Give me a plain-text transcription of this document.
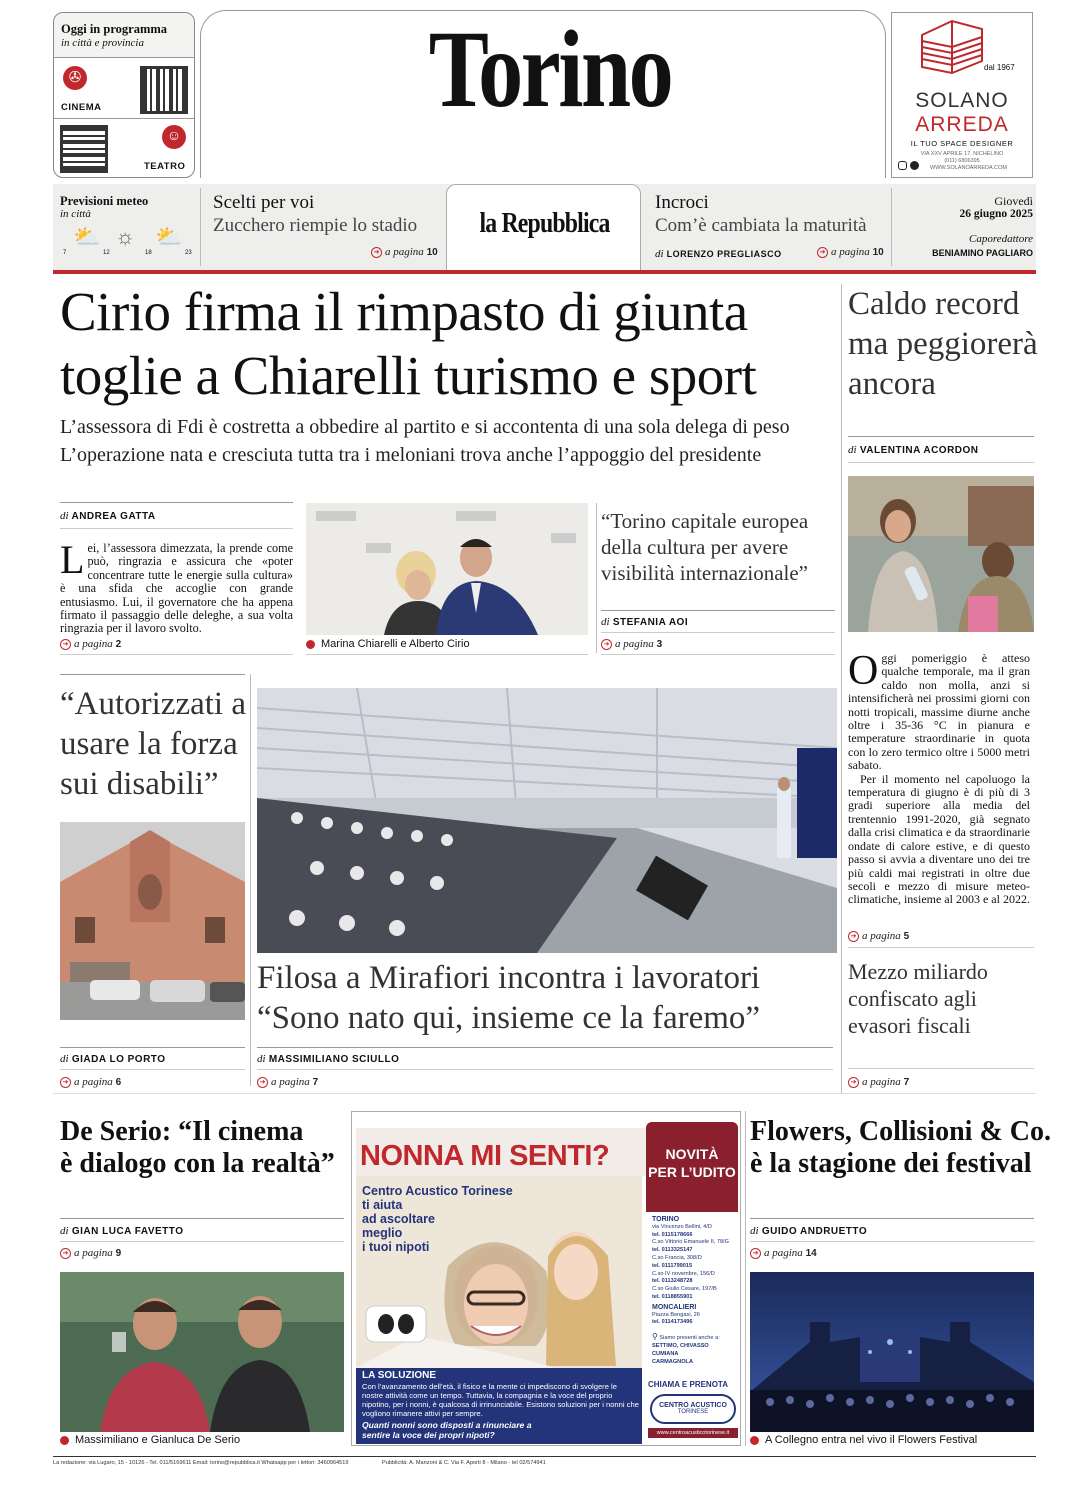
Oggi in programma
in città e provincia
✇
CINEMA
☺
TEATRO
Torino	dal 1967
SOLANO
ARREDA
IL TUO SPACE DESIGNER
VIA XXV APRILE 17, NICHELINO
(011) 6806395
WWW.SOLANOARREDA.COM
Previsioni meteo
in città
⛅ ☼ ⛅
7	12	18	23
Scelti per voi
Zucchero riempie lo stadio
➔ a pagina 10
la Repubblica
Incroci
Com’è cambiata la maturità
di LORENZO PREGLIASCO	➔ a pagina 10
Giovedì
26 giugno 2025
Caporedattore
BENIAMINO PAGLIARO
Cirio firma il rimpasto di giunta
toglie a Chiarelli turismo e sport
L’assessora di Fdi è costretta a obbedire al partito e si accontenta di una sola delega di peso
L’operazione nata e cresciuta tutta tra i meloniani trova anche l’appoggio del presidente
di ANDREA GATTA
Lei, l’assessora dimezzata, la prende come può, ringrazia e assicura che «poter concentrare tutte le energie sulla cultura» è una sfida che accoglie con grande entusiasmo. Lui, il governatore che ha appena firmato il passaggio delle deleghe, a sua volta ringrazia per il lavoro svolto.
➔ a pagina 2	Marina Chiarelli e Alberto Cirio
“Torino capitale europea della cultura per avere visibilità internazionale”
di STEFANIA AOI
➔ a pagina 3
Caldo record ma peggiorerà ancora
di VALENTINA ACORDON
Oggi pomeriggio è atteso qualche temporale, ma il gran caldo non molla, anzi si intensificherà nei prossimi giorni con notti tropicali, massime diurne anche oltre i 35-36 °C in pianura e temperature straordinarie in quota con lo zero termico oltre i 5000 metri sabato.
Per il momento nel capoluogo la temperatura di giugno è di più di 3 gradi superiore alla media del trentennio 1991-2020, già segnato dalla crisi climatica e da straordinarie ondate di calore estive, e di questo passo si avvia a diventare uno dei tre più caldi mai registrati in oltre due secoli e mezzo di misure meteo-climatiche, insieme al 2003 e al 2022.
➔ a pagina 5
Mezzo miliardo confiscato agli evasori fiscali
➔ a pagina 7
“Autorizzati a usare la forza sui disabili”
di GIADA LO PORTO
➔ a pagina 6
Filosa a Mirafiori incontra i lavoratori
“Sono nato qui, insieme ce la faremo”
di MASSIMILIANO SCIULLO
➔ a pagina 7
De Serio: “Il cinema
è dialogo con la realtà”
di GIAN LUCA FAVETTO
➔ a pagina 9
Massimiliano e Gianluca De Serio
NONNA MI SENTI?	NOVITÀ
PER L’UDITO
Centro Acustico Torinese
ti aiuta
ad ascoltare
meglio
i tuoi nipoti
TORINO
via Vincenzo Bellini, 4/D
tel. 0115178666
C.so Vittorio Emanuele II, 78/G
tel. 0113325147
C.so Francia, 308/D
tel. 0111799015
C.so IV novembre, 156/D
tel. 0113248728
C.so Giulio Cesare, 197/B
tel. 0118855901
MONCALIERI
Piazza Bengasi, 26
tel. 0114173496
⚲ Siamo presenti anche a:
SETTIMO, CHIVASSO
CUMIANA
CARMAGNOLA
LA SOLUZIONE
Con l’avanzamento dell’età, il fisico e la mente ci impediscono di svolgere le nostre attività come un tempo. Tuttavia, la compagnia e la voce del proprio nipotino, per i nonni, è qualcosa di irrinunciabile. Esistono soluzioni per i nonni che vogliono rimanere attivi per sempre.
Quanti nonni sono disposti a rinunciare a sentire la voce dei propri nipoti?
CHIAMA E PRENOTA
CENTRO ACUSTICO
TORINESE
www.centroacusticotorinese.it
Flowers, Collisioni & Co.
è la stagione dei festival
di GUIDO ANDRUETTO
➔ a pagina 14
A Collegno entra nel vivo il Flowers Festival
La redazione: via Lugaro, 15 - 10126 - Tel. 011/5169611 Email: torino@repubblica.it Whatsapp per i lettori: 3460964519	Pubblicità: A. Manzoni & C. Via F. Aporti 8 - Milano - tel 02/574941
